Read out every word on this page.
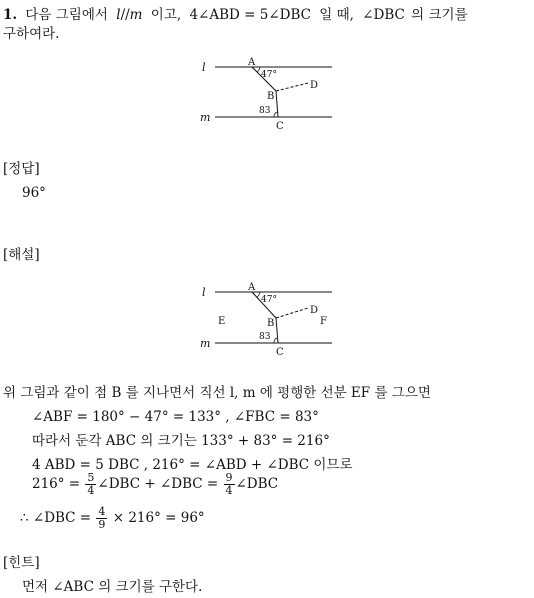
1. 다음 그림에서 l//m 이고, 4∠ABD = 5∠DBC 일 때, ∠DBC 의 크기를
구하여라.
l
m
A
47°
B
D
83
C
[정답]
96°
[해설]
l
m
A
47°
E	B
D
F
83
C
위 그림과 같이 점 B 를 지나면서 직선 l, m 에 평행한 선분 EF 를 그으면
∠ABF = 180° − 47° = 133° , ∠FBC = 83°
따라서 둔각 ABC 의 크기는 133° + 83° = 216°
4 ABD = 5 DBC , 216° = ∠ABD + ∠DBC 이므로
$216^\circ = \frac{5}{4}$ ∠DBC + ∠DBC = $\frac{9}{4}$ ∠DBC
∴ ∠DBC = $\frac{4}{9} \times 216^\circ = 96^\circ$
[힌트]
먼저 ∠ABC 의 크기를 구한다.
